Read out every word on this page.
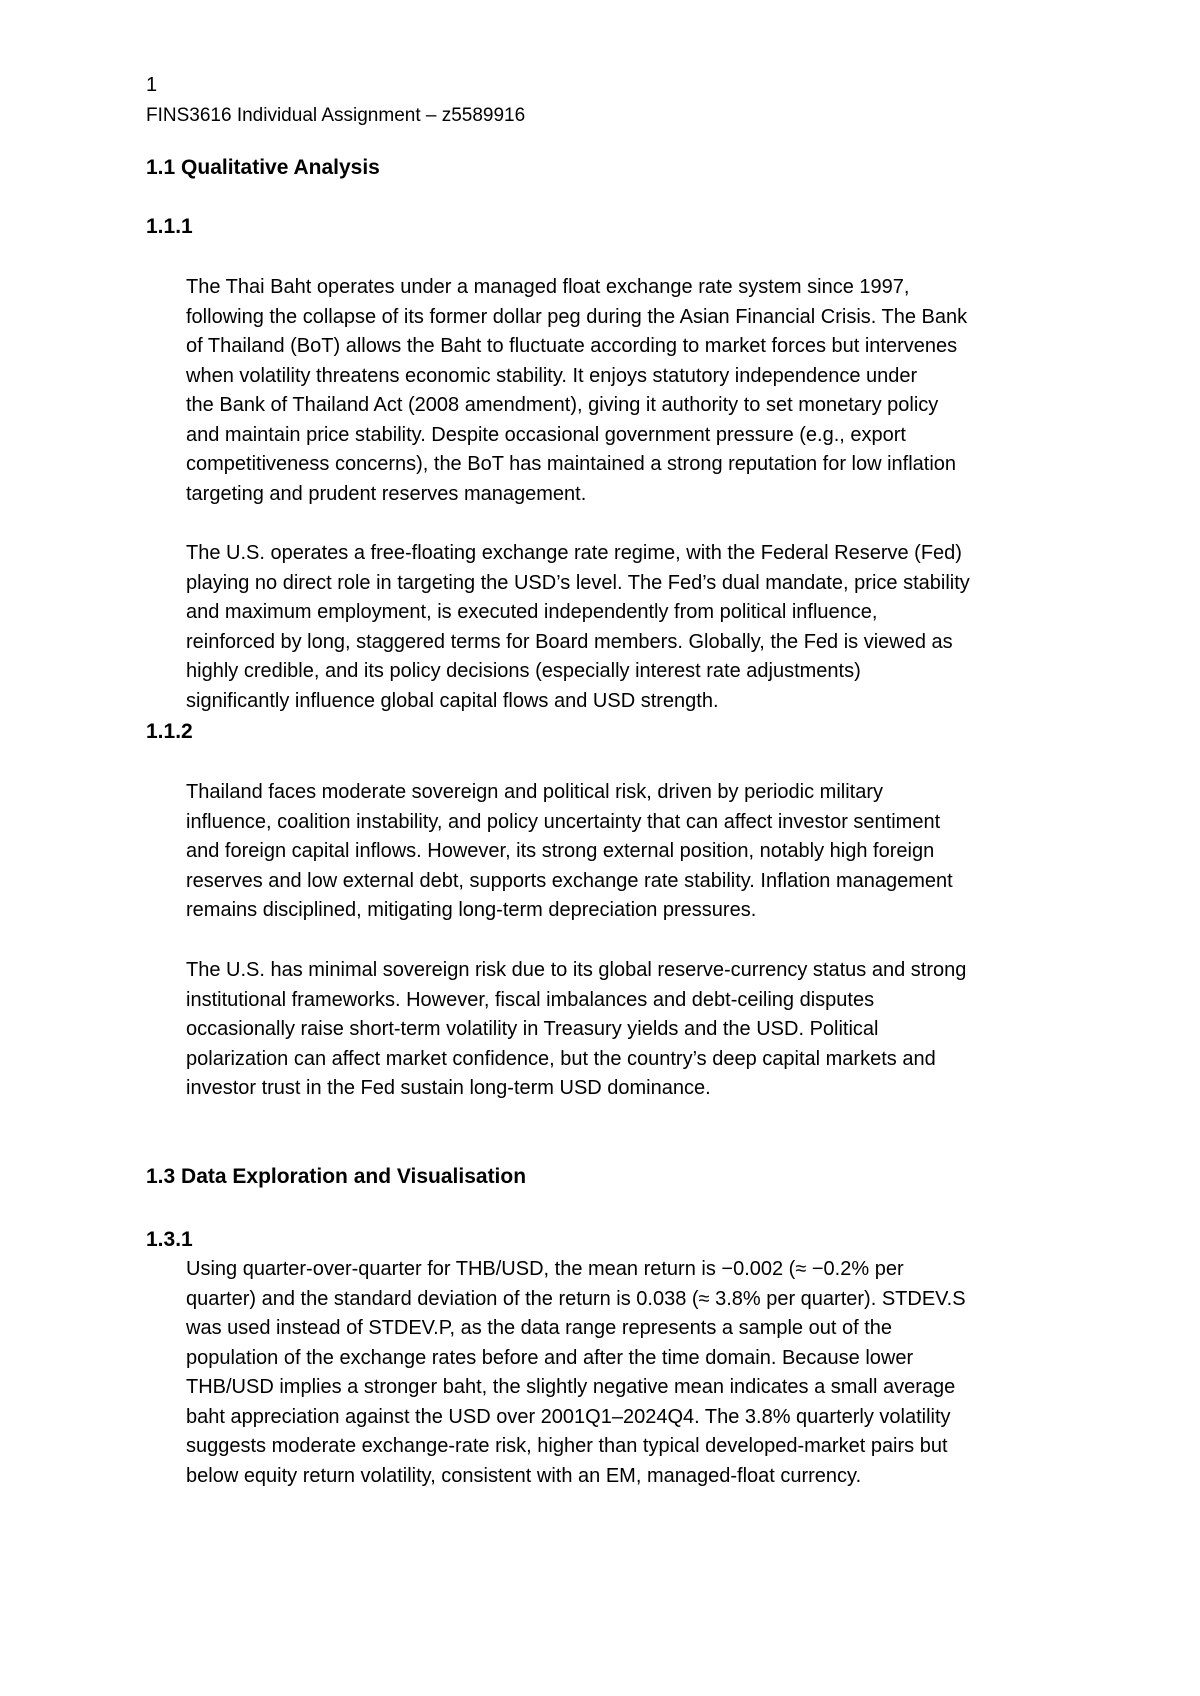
1
FINS3616 Individual Assignment – z5589916
1.1 Qualitative Analysis
1.1.1

The Thai Baht operates under a managed float exchange rate system since 1997,
following the collapse of its former dollar peg during the Asian Financial Crisis. The Bank
of Thailand (BoT) allows the Baht to fluctuate according to market forces but intervenes
when volatility threatens economic stability. It enjoys statutory independence under
the Bank of Thailand Act (2008 amendment), giving it authority to set monetary policy
and maintain price stability. Despite occasional government pressure (e.g., export
competitiveness concerns), the BoT has maintained a strong reputation for low inflation
targeting and prudent reserves management.

The U.S. operates a free-floating exchange rate regime, with the Federal Reserve (Fed)
playing no direct role in targeting the USD’s level. The Fed’s dual mandate, price stability
and maximum employment, is executed independently from political influence,
reinforced by long, staggered terms for Board members. Globally, the Fed is viewed as
highly credible, and its policy decisions (especially interest rate adjustments)
significantly influence global capital flows and USD strength.

1.1.2

Thailand faces moderate sovereign and political risk, driven by periodic military
influence, coalition instability, and policy uncertainty that can affect investor sentiment
and foreign capital inflows. However, its strong external position, notably high foreign
reserves and low external debt, supports exchange rate stability. Inflation management
remains disciplined, mitigating long-term depreciation pressures.

The U.S. has minimal sovereign risk due to its global reserve-currency status and strong
institutional frameworks. However, fiscal imbalances and debt-ceiling disputes
occasionally raise short-term volatility in Treasury yields and the USD. Political
polarization can affect market confidence, but the country’s deep capital markets and
investor trust in the Fed sustain long-term USD dominance.

1.3 Data Exploration and Visualisation
1.3.1

Using quarter-over-quarter for THB/USD, the mean return is −0.002 (≈ −0.2% per
quarter) and the standard deviation of the return is 0.038 (≈ 3.8% per quarter). STDEV.S
was used instead of STDEV.P, as the data range represents a sample out of the
population of the exchange rates before and after the time domain. Because lower
THB/USD implies a stronger baht, the slightly negative mean indicates a small average
baht appreciation against the USD over 2001Q1–2024Q4. The 3.8% quarterly volatility
suggests moderate exchange-rate risk, higher than typical developed-market pairs but
below equity return volatility, consistent with an EM, managed-float currency.
